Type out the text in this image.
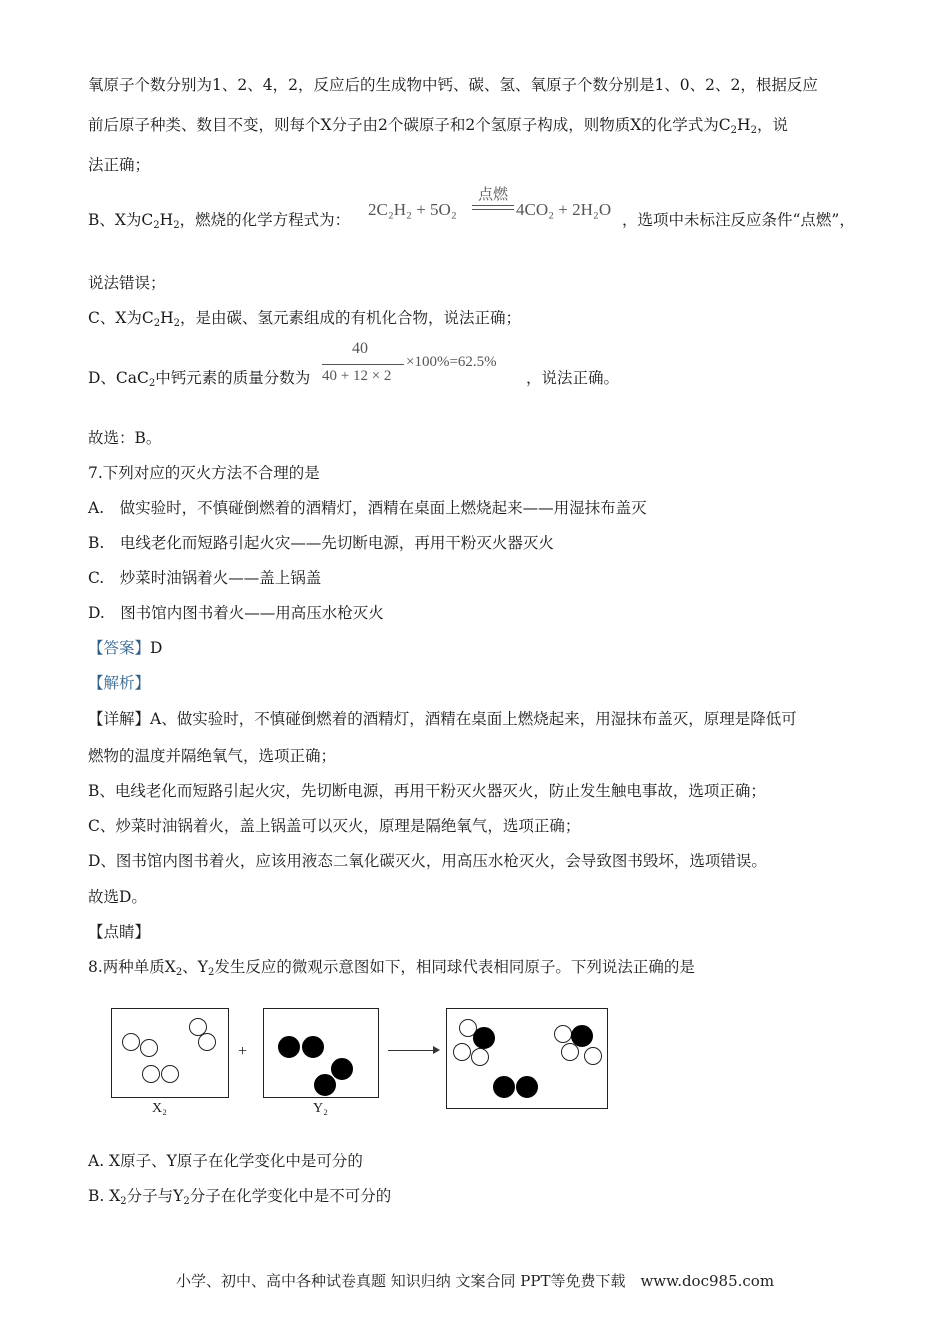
氧原子个数分别为1、2、4，2，反应后的生成物中钙、碳、氢、氧原子个数分别是1、0、2、2，根据反应
前后原子种类、数目不变，则每个X分子由2个碳原子和2个氢原子构成，则物质X的化学式为$C_2H_2$，说
法正确；
B、X为$C_2H_2$，燃烧的化学方程式为：
2C₂H₂ + 5O₂
点燃
4CO₂ + 2H₂O
，选项中未标注反应条件“点燃”，
说法错误；
C、X为$C_2H_2$，是由碳、氢元素组成的有机化合物，说法正确；
D、CaC$_2$中钙元素的质量分数为
40
40 + 12 × 2
×100%=62.5%
，说法正确。
故选：B。
7.下列对应的灭火方法不合理的是
A.　做实验时，不慎碰倒燃着的酒精灯，酒精在桌面上燃烧起来——用湿抹布盖灭
B.　电线老化而短路引起火灾——先切断电源，再用干粉灭火器灭火
C.　炒菜时油锅着火——盖上锅盖
D.　图书馆内图书着火——用高压水枪灭火
【答案】D
【解析】
【详解】A、做实验时，不慎碰倒燃着的酒精灯，酒精在桌面上燃烧起来，用湿抹布盖灭，原理是降低可
燃物的温度并隔绝氧气，选项正确；
B、电线老化而短路引起火灾，先切断电源，再用干粉灭火器灭火，防止发生触电事故，选项正确；
C、炒菜时油锅着火，盖上锅盖可以灭火，原理是隔绝氧气，选项正确；
D、图书馆内图书着火，应该用液态二氧化碳灭火，用高压水枪灭火，会导致图书毁坏，选项错误。
故选D。
【点睛】
8.两种单质$X_2$、$Y_2$发生反应的微观示意图如下，相同球代表相同原子。下列说法正确的是
X₂
+
Y₂
A. X原子、Y原子在化学变化中是可分的
B. $X_2$分子与$Y_2$分子在化学变化中是不可分的
小学、初中、高中各种试卷真题 知识归纳 文案合同 PPT等免费下载　www.doc985.com
